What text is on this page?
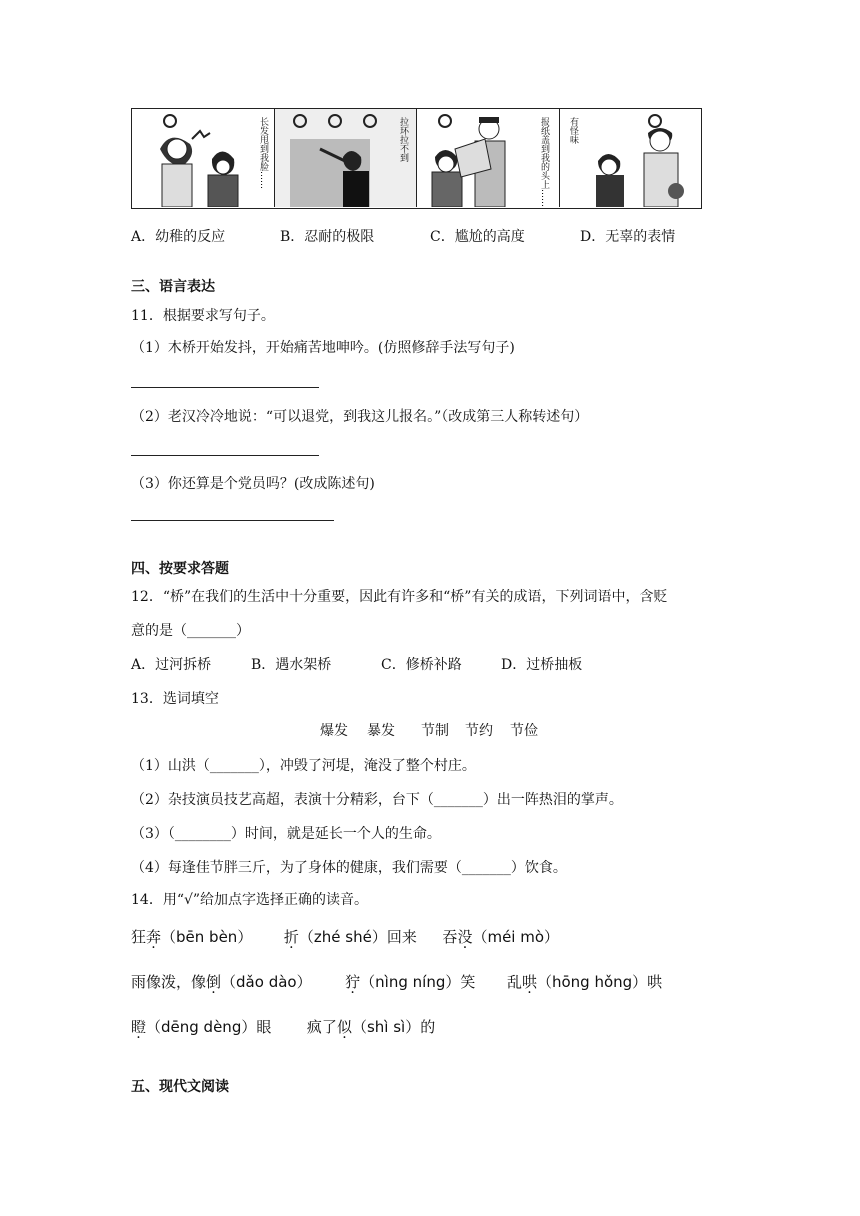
长发甩到我脸……	拉环拉不到	报纸盖到我的头上…… 有怪味
A．幼稚的反应	B．忍耐的极限	C．尴尬的高度	D．无辜的表情
三、语言表达
11．根据要求写句子。
（1）木桥开始发抖，开始痛苦地呻吟。(仿照修辞手法写句子)
（2）老汉冷冷地说：“可以退党，到我这儿报名。”（改成第三人称转述句）
（3）你还算是个党员吗？(改成陈述句)
四、按要求答题
12．“桥”在我们的生活中十分重要，因此有许多和“桥”有关的成语，下列词语中，含贬
意的是（_______）
A．过河拆桥	B．遇水架桥	C．修桥补路	D．过桥抽板
13．选词填空
爆发 暴发 节制 节约 节俭
（1）山洪（_______），冲毁了河堤，淹没了整个村庄。
（2）杂技演员技艺高超，表演十分精彩，台下（_______）出一阵热泪的掌声。
（3）（________）时间，就是延长一个人的生命。
（4）每逢佳节胖三斤，为了身体的健康，我们需要（_______）饮食。
14．用“√”给加点字选择正确的读音。
狂奔（bēn bèn） 折（zhé shé）回来 吞没（méi mò）
雨像泼，像倒（dǎo dào） 狞（nìng níng）笑 乱哄（hōng hǒng）哄
瞪（dēng dèng）眼 疯了似（shì sì）的
五、现代文阅读
